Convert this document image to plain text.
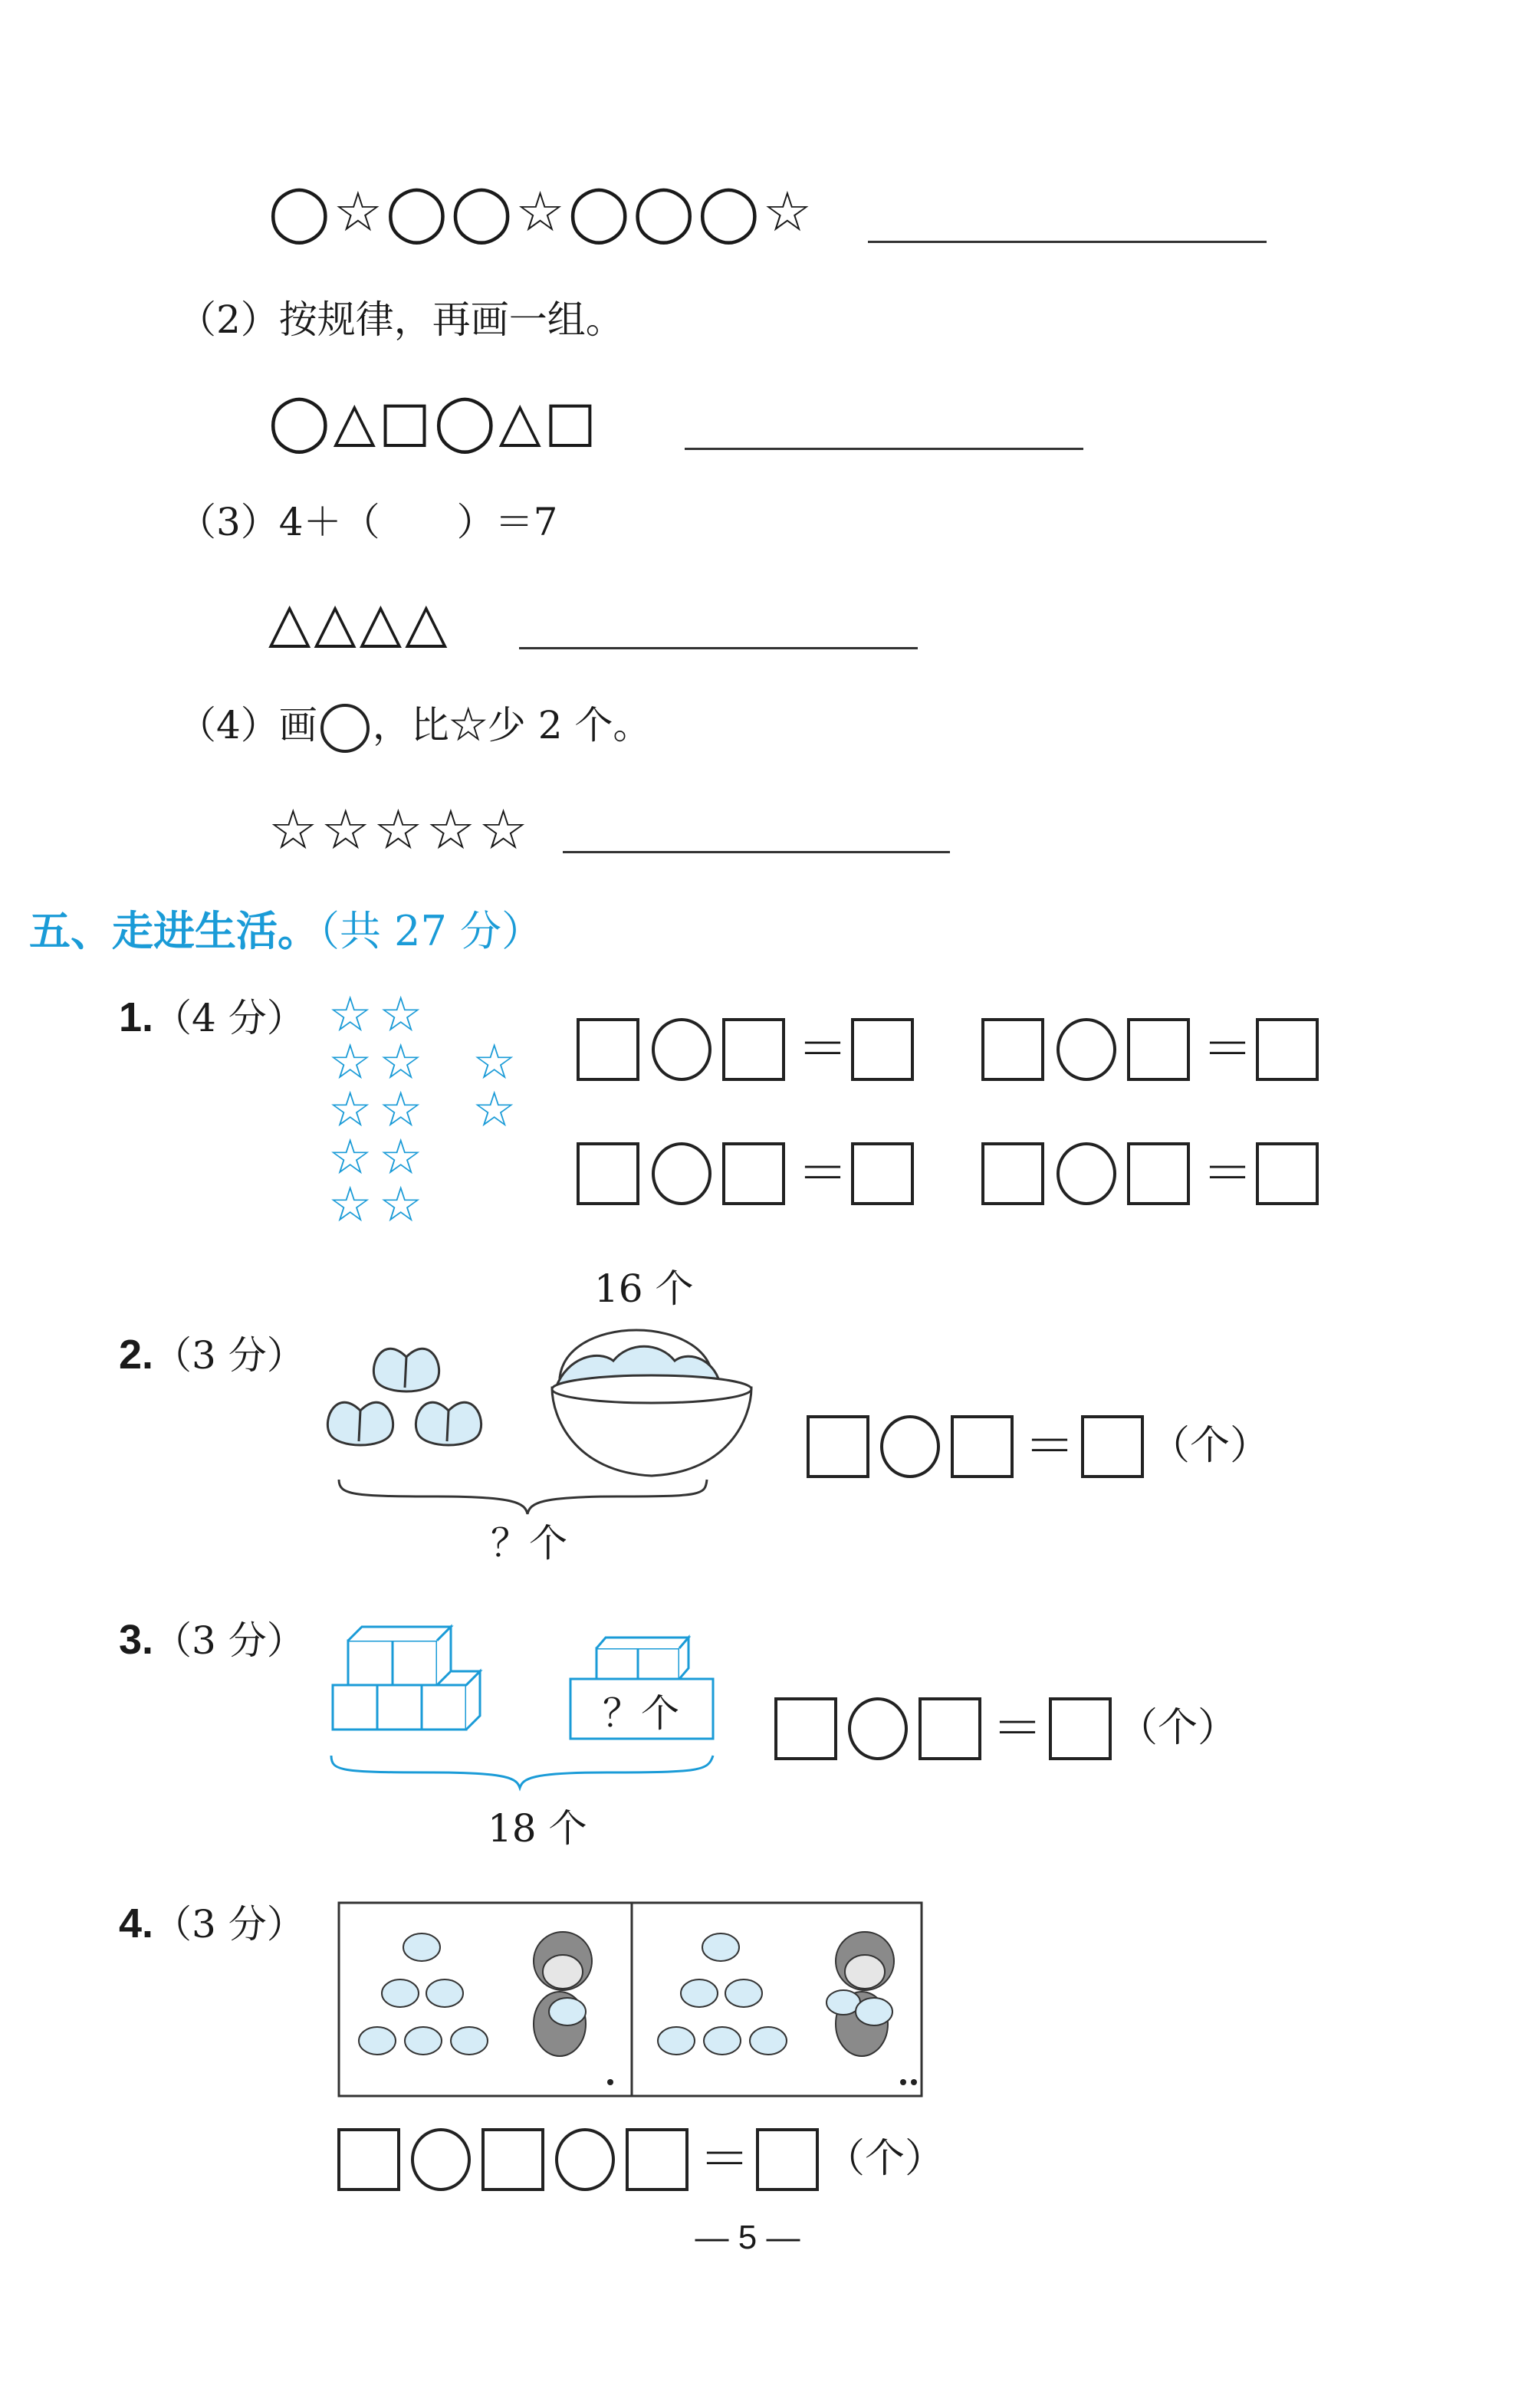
◯☆◯◯☆◯◯◯☆
（2）按规律，再画一组。
◯△□◯△□
（3）4＋（　　）＝7
△△△△
（4）画 ，比☆少 2 个。
☆☆☆☆☆
五、走进生活。（共 27 分）
1.（4 分） ☆ ☆
☆ ☆
☆ ☆
☆ ☆
☆ ☆
☆
☆
＝	＝
＝	＝
2.（3 分）
16 个
？个
＝ （个）
3.（3 分）
？个
18 个
＝ （个）
4.（3 分）
＝ （个）
— 5 —
